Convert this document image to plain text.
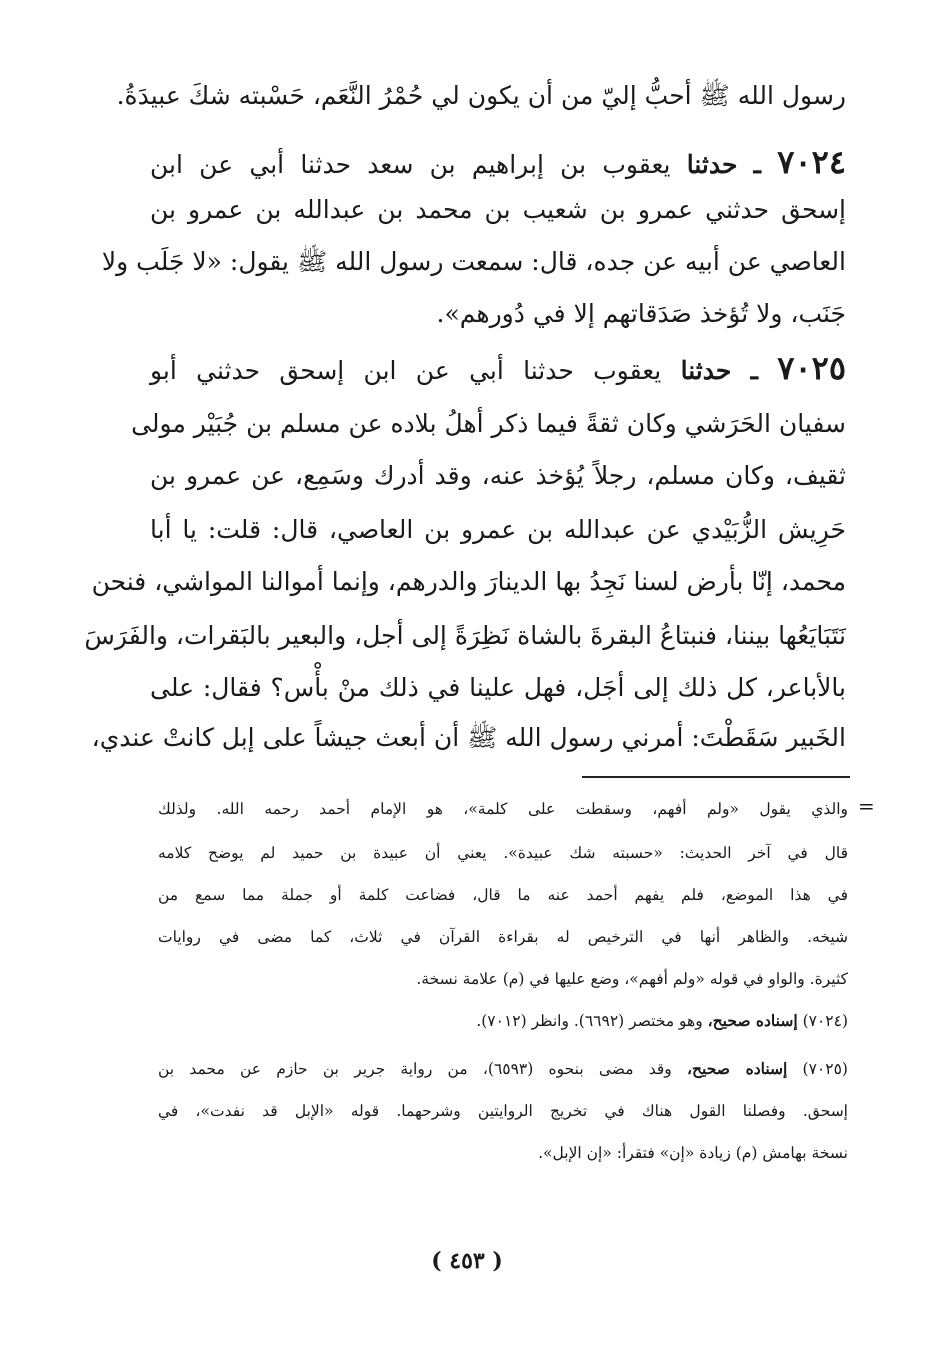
رسول الله ﷺ أحبُّ إليّ من أن يكون لي حُمْرُ النَّعَم، حَسْبته شكَ عبيدَةُ.
٧٠٢٤ ـ حدثنا يعقوب بن إبراهيم بن سعد حدثنا أبي عن ابن
إسحق حدثني عمرو بن شعيب بن محمد بن عبدالله بن عمرو بن
العاصي عن أبيه عن جده، قال: سمعت رسول الله ﷺ يقول: «لا جَلَب ولا
جَنَب، ولا تُؤخذ صَدَقاتهم إلا في دُورهم».
٧٠٢٥ ـ حدثنا يعقوب حدثنا أبي عن ابن إسحق حدثني أبو
سفيان الحَرَشي وكان ثقةً فيما ذكر أهلُ بلاده عن مسلم بن جُبَيْر مولى
ثقيف، وكان مسلم، رجلاً يُؤخذ عنه، وقد أدرك وسَمِع، عن عمرو بن
حَرِيش الزُّبَيْدي عن عبدالله بن عمرو بن العاصي، قال: قلت: يا أبا
محمد، إنّا بأرض لسنا نَجِدُ بها الدينارَ والدرهم، وإنما أموالنا المواشي، فنحن
نَتَبَايَعُها بيننا، فنبتاعُ البقرةَ بالشاة نَظِرَةً إلى أجل، والبعير بالبَقرات، والفَرَسَ
بالأباعر، كل ذلك إلى أجَل، فهل علينا في ذلك منْ بأْس؟ فقال: على
الخَبير سَقَطْتَ: أمرني رسول الله ﷺ أن أبعث جيشاً على إبل كانتْ عندي،
=
والذي يقول «ولم أفهم، وسقطت على كلمة»، هو الإمام أحمد رحمه الله. ولذلك
قال في آخر الحديث: «حسبته شك عبيدة». يعني أن عبيدة بن حميد لم يوضح كلامه
في هذا الموضع، فلم يفهم أحمد عنه ما قال، فضاعت كلمة أو جملة مما سمع من
شيخه. والظاهر أنها في الترخيص له بقراءة القرآن في ثلاث، كما مضى في روايات
كثيرة. والواو في قوله «ولم أفهم»، وضع عليها في (م) علامة نسخة.
(٧٠٢٤) إسناده صحيح، وهو مختصر (٦٦٩٢). وانظر (٧٠١٢).
(٧٠٢٥) إسناده صحيح، وقد مضى بنحوه (٦٥٩٣)، من رواية جرير بن حازم عن محمد بن
إسحق. وفصلنا القول هناك في تخريج الروايتين وشرحهما. قوله «الإبل قد نفدت»، في
نسخة بهامش (م) زيادة «إن» فتقرأ: «إن الإبل».
( ٤٥٣ )
